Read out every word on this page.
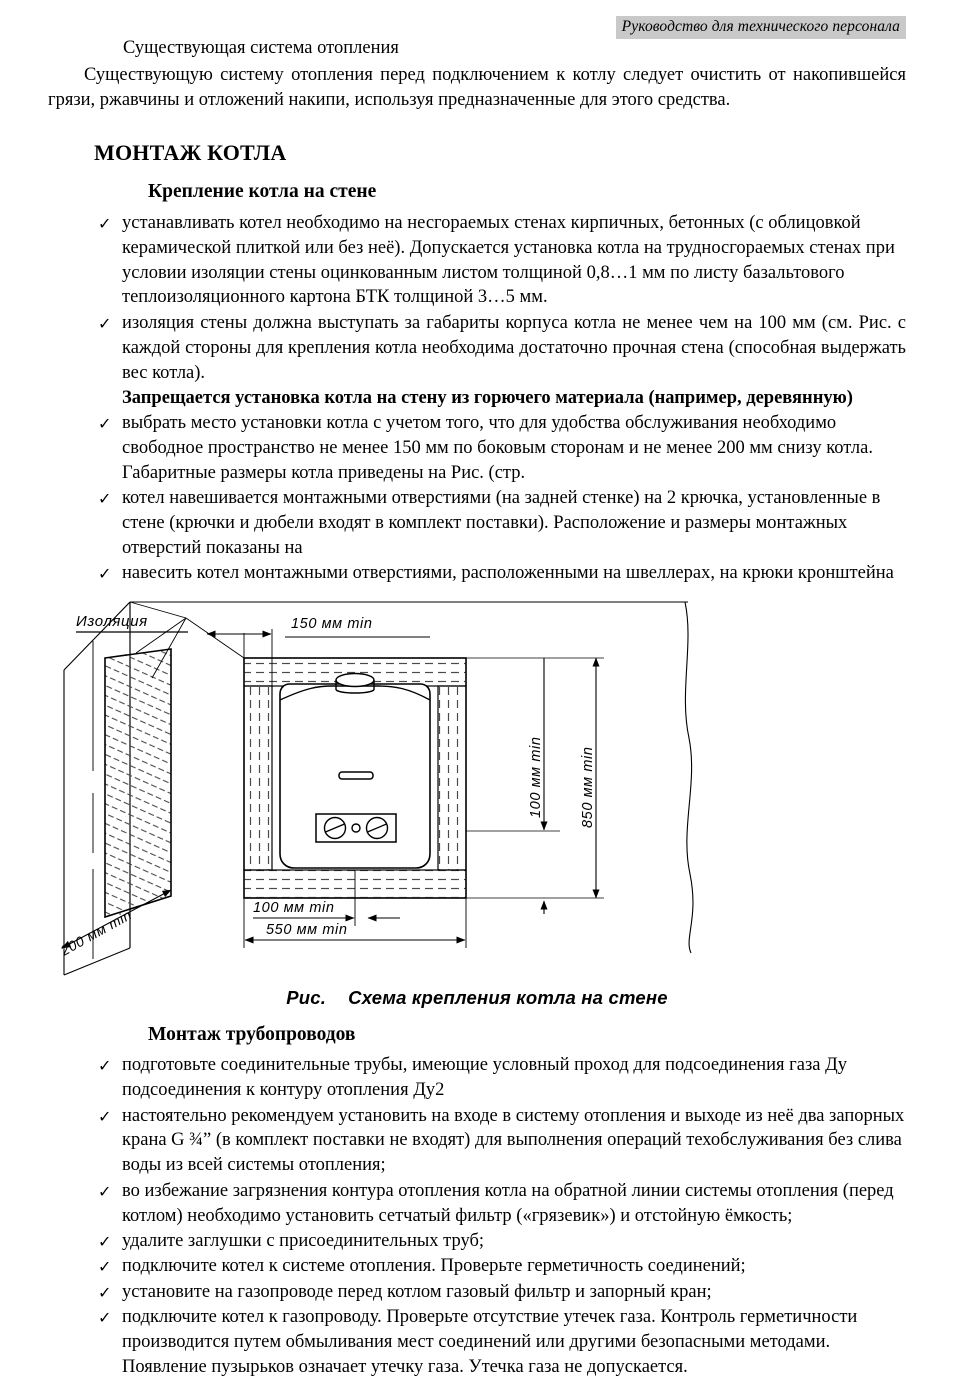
Руководство для технического персонала
Существующая система отопления

Существующую систему отопления перед подключением к котлу следует очистить от накопившейся грязи, ржавчины и отложений накипи, используя предназначенные для этого средства.

МОНТАЖ КОТЛА
Крепление котла на стене
✓ устанавливать котел необходимо на несгораемых стенах кирпичных, бетонных (с облицовкой керамической плиткой или без неё). Допускается установка котла на трудносгораемых стенах при условии изоляции стены оцинкованным листом толщиной 0,8…1 мм по листу базальтового теплоизоляционного картона БТК толщиной 3…5 мм.
✓ изоляция стены должна выступать за габариты корпуса котла не менее чем на 100 мм (см. Рис. с каждой стороны для крепления котла необходима достаточно прочная стена (способная выдержать вес котла).
Запрещается установка котла на стену из горючего материала (например, деревянную)
✓ выбрать место установки котла с учетом того, что для удобства обслуживания необходимо свободное пространство не менее 150 мм по боковым сторонам и не менее 200 мм снизу котла. Габаритные размеры котла приведены на Рис. (стр.
✓ котел навешивается монтажными отверстиями (на задней стенке) на 2 крючка, установленные в стене (крючки и дюбели входят в комплект поставки). Расположение и размеры монтажных отверстий показаны на
✓ навесить котел монтажными отверстиями, расположенными на швеллерах, на крюки кронштейна
Изоляция	150 мм min
100 мм min
550 мм min
100 мм min 850 мм min
200 мм min
Рис. Схема крепления котла на стене
Монтаж трубопроводов
✓ подготовьте соединительные трубы, имеющие условный проход для подсоединения газа Ду подсоединения к контуру отопления Ду2
✓ настоятельно рекомендуем установить на входе в систему отопления и выходе из неё два запорных крана G ¾” (в комплект поставки не входят) для выполнения операций техобслуживания без слива воды из всей системы отопления;
✓ во избежание загрязнения контура отопления котла на обратной линии системы отопления (перед котлом) необходимо установить сетчатый фильтр («грязевик») и отстойную ёмкость;
✓ удалите заглушки с присоединительных труб;
✓ подключите котел к системе отопления. Проверьте герметичность соединений;
✓ установите на газопроводе перед котлом газовый фильтр и запорный кран;
✓ подключите котел к газопроводу. Проверьте отсутствие утечек газа. Контроль герметичности производится путем обмыливания мест соединений или другими безопасными методами. Появление пузырьков означает утечку газа. Утечка газа не допускается.
